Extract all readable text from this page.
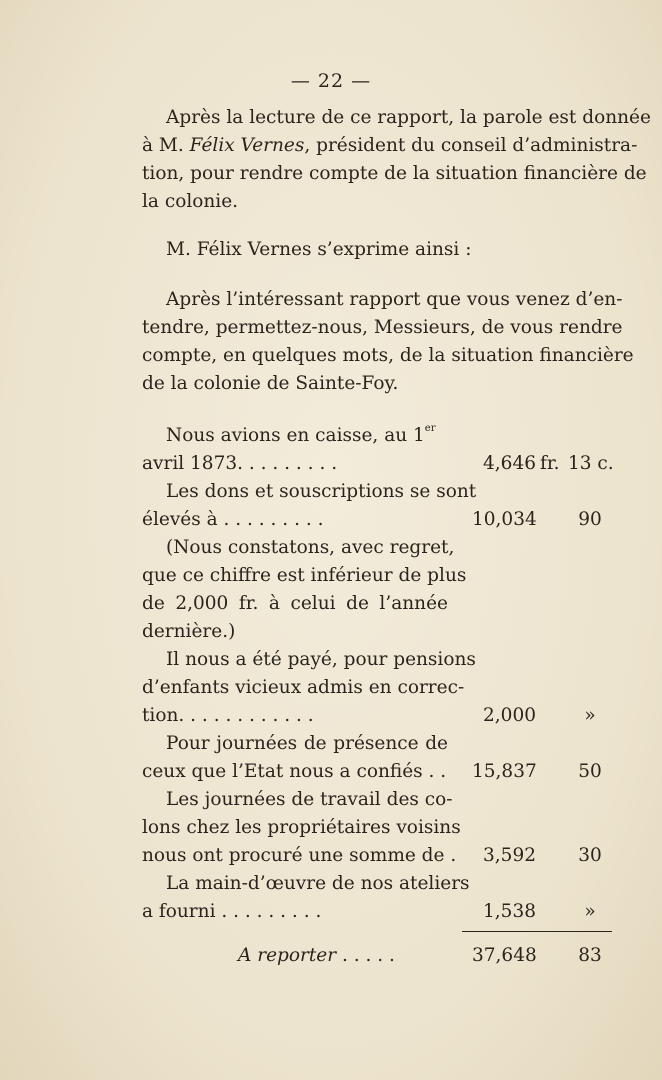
— 22 —
Après la lecture de ce rapport, la parole est donnée
à M. Félix Vernes, président du conseil d’administra-
tion, pour rendre compte de la situation financière de
la colonie.
M. Félix Vernes s’exprime ainsi :
Après l’intéressant rapport que vous venez d’en-
tendre, permettez-nous, Messieurs, de vous rendre
compte, en quelques mots, de la situation financière
de la colonie de Sainte-Foy.
Nous avions en caisse, au 1er
avril 1873. . . . . . . . .	4,646 fr. 13 c.
Les dons et souscriptions se sont
élevés à . . . . . . . . .	10,034	90
(Nous constatons, avec regret,
que ce chiffre est inférieur de plus
de 2,000 fr. à celui de l’année
dernière.)
Il nous a été payé, pour pensions
d’enfants vicieux admis en correc-
tion. . . . . . . . . . . .	2,000	»
Pour journées de présence de
ceux que l’Etat nous a confiés . . 15,837	50
Les journées de travail des co-
lons chez les propriétaires voisins
nous ont procuré une somme de .	3,592	30
La main-d’œuvre de nos ateliers
a fourni . . . . . . . . .	1,538	»
A reporter . . . . .	37,648	83
